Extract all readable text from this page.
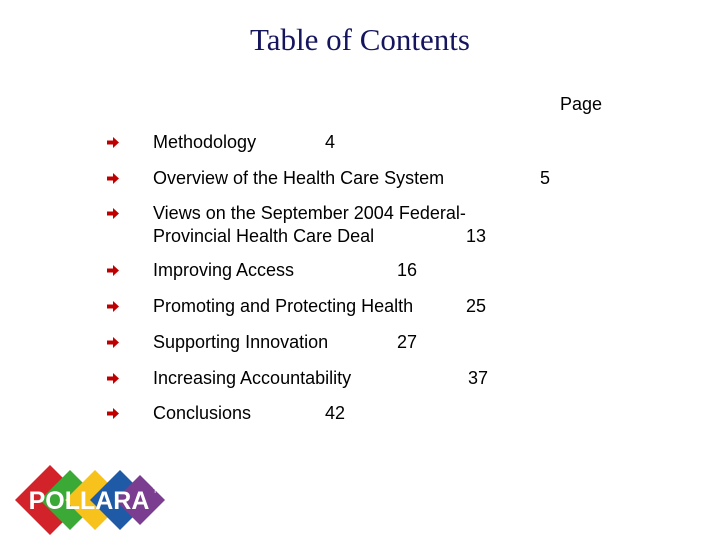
Table of Contents
Page
Methodology	4
Overview of the Health Care System	5
Views on the September 2004 Federal-
Provincial Health Care Deal	13
Improving Access	16
Promoting and Protecting Health	25
Supporting Innovation	27
Increasing Accountability	37
Conclusions	42
POLLARA TM
